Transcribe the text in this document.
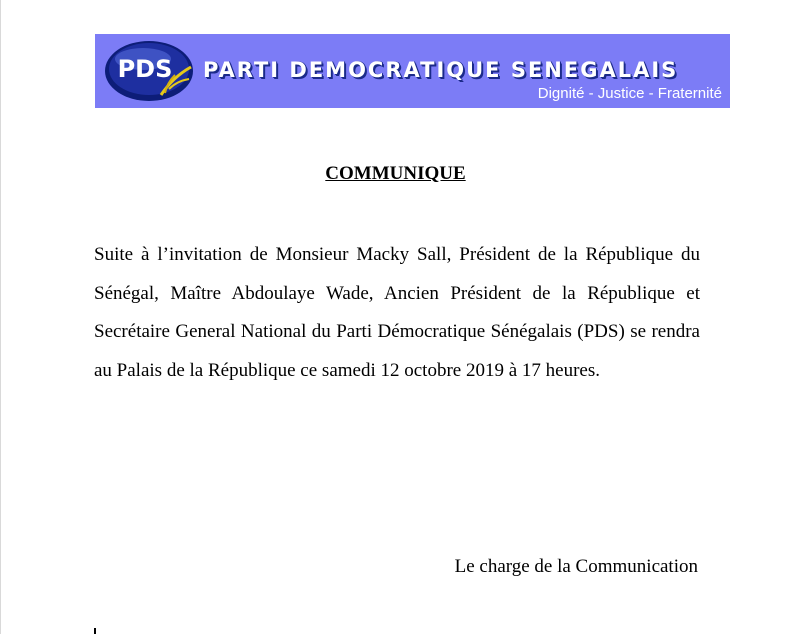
PDS PARTI DEMOCRATIQUE SENEGALAIS
Dignité - Justice - Fraternité
COMMUNIQUE
Suite à l’invitation de Monsieur Macky Sall, Président de la République du Sénégal, Maître Abdoulaye Wade, Ancien Président de la République et Secrétaire General National du Parti Démocratique Sénégalais (PDS) se rendra au Palais de la République ce samedi 12 octobre 2019 à 17 heures.
Le charge de la Communication
